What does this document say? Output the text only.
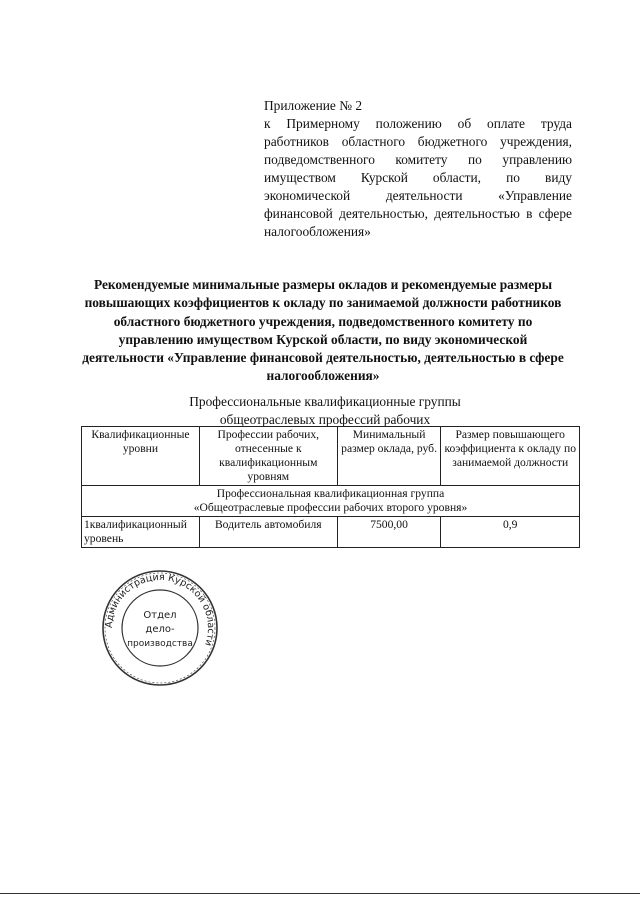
Приложение № 2
к Примерному положению об оплате труда работников областного бюджетного учреждения, подведомственного комитету по управлению имуществом Курской области, по виду экономической деятельности «Управление финансовой деятельностью, деятельностью в сфере налогообложения»
Рекомендуемые минимальные размеры окладов и рекомендуемые размеры повышающих коэффициентов к окладу по занимаемой должности работников областного бюджетного учреждения, подведомственного комитету по управлению имуществом Курской области, по виду экономической деятельности «Управление финансовой деятельностью, деятельностью в сфере налогообложения»
Профессиональные квалификационные группы
общеотраслевых профессий рабочих
Квалификационные уровни	Профессии рабочих, отнесенные к квалификационным уровням	Минимальный размер оклада, руб.	Размер повышающего коэффициента к окладу по занимаемой должности

Профессиональная квалификационная группа
«Общеотраслевые профессии рабочих второго уровня»			

1квалификационный уровень	Водитель автомобиля	7500,00	0,9
Администрация Курской области
Отдел
дело-
производства
